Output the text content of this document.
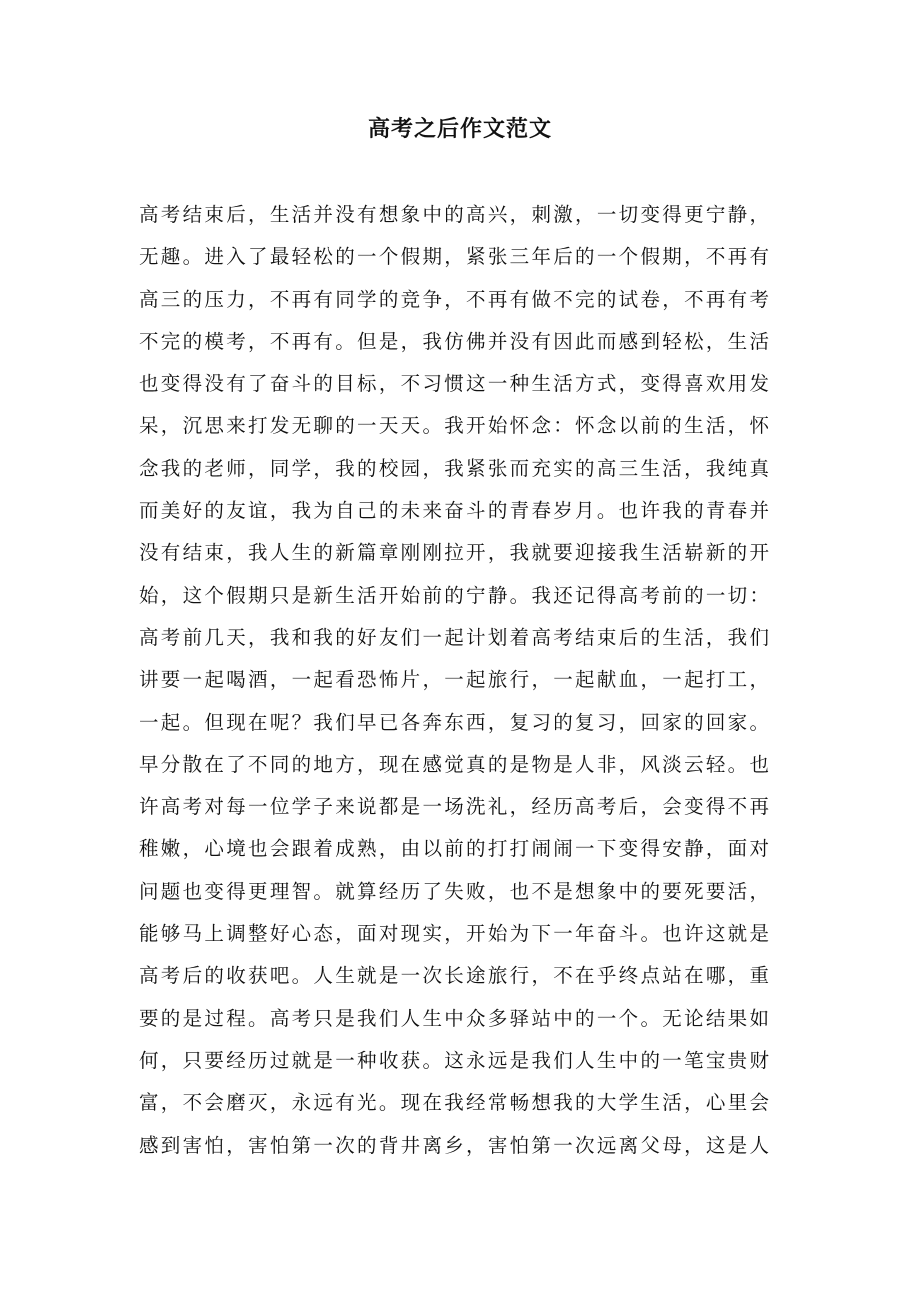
高考之后作文范文
高考结束后，生活并没有想象中的高兴，刺激，一切变得更宁静，
无趣。进入了最轻松的一个假期，紧张三年后的一个假期，不再有
高三的压力，不再有同学的竞争，不再有做不完的试卷，不再有考
不完的模考，不再有。但是，我仿佛并没有因此而感到轻松，生活
也变得没有了奋斗的目标，不习惯这一种生活方式，变得喜欢用发
呆，沉思来打发无聊的一天天。我开始怀念：怀念以前的生活，怀
念我的老师，同学，我的校园，我紧张而充实的高三生活，我纯真
而美好的友谊，我为自己的未来奋斗的青春岁月。也许我的青春并
没有结束，我人生的新篇章刚刚拉开，我就要迎接我生活崭新的开
始，这个假期只是新生活开始前的宁静。我还记得高考前的一切：
高考前几天，我和我的好友们一起计划着高考结束后的生活，我们
讲要一起喝酒，一起看恐怖片，一起旅行，一起献血，一起打工，
一起。但现在呢？我们早已各奔东西，复习的复习，回家的回家。
早分散在了不同的地方，现在感觉真的是物是人非，风淡云轻。也
许高考对每一位学子来说都是一场洗礼，经历高考后，会变得不再
稚嫩，心境也会跟着成熟，由以前的打打闹闹一下变得安静，面对
问题也变得更理智。就算经历了失败，也不是想象中的要死要活，
能够马上调整好心态，面对现实，开始为下一年奋斗。也许这就是
高考后的收获吧。人生就是一次长途旅行，不在乎终点站在哪，重
要的是过程。高考只是我们人生中众多驿站中的一个。无论结果如
何，只要经历过就是一种收获。这永远是我们人生中的一笔宝贵财
富，不会磨灭，永远有光。现在我经常畅想我的大学生活，心里会
感到害怕，害怕第一次的背井离乡，害怕第一次远离父母，这是人
